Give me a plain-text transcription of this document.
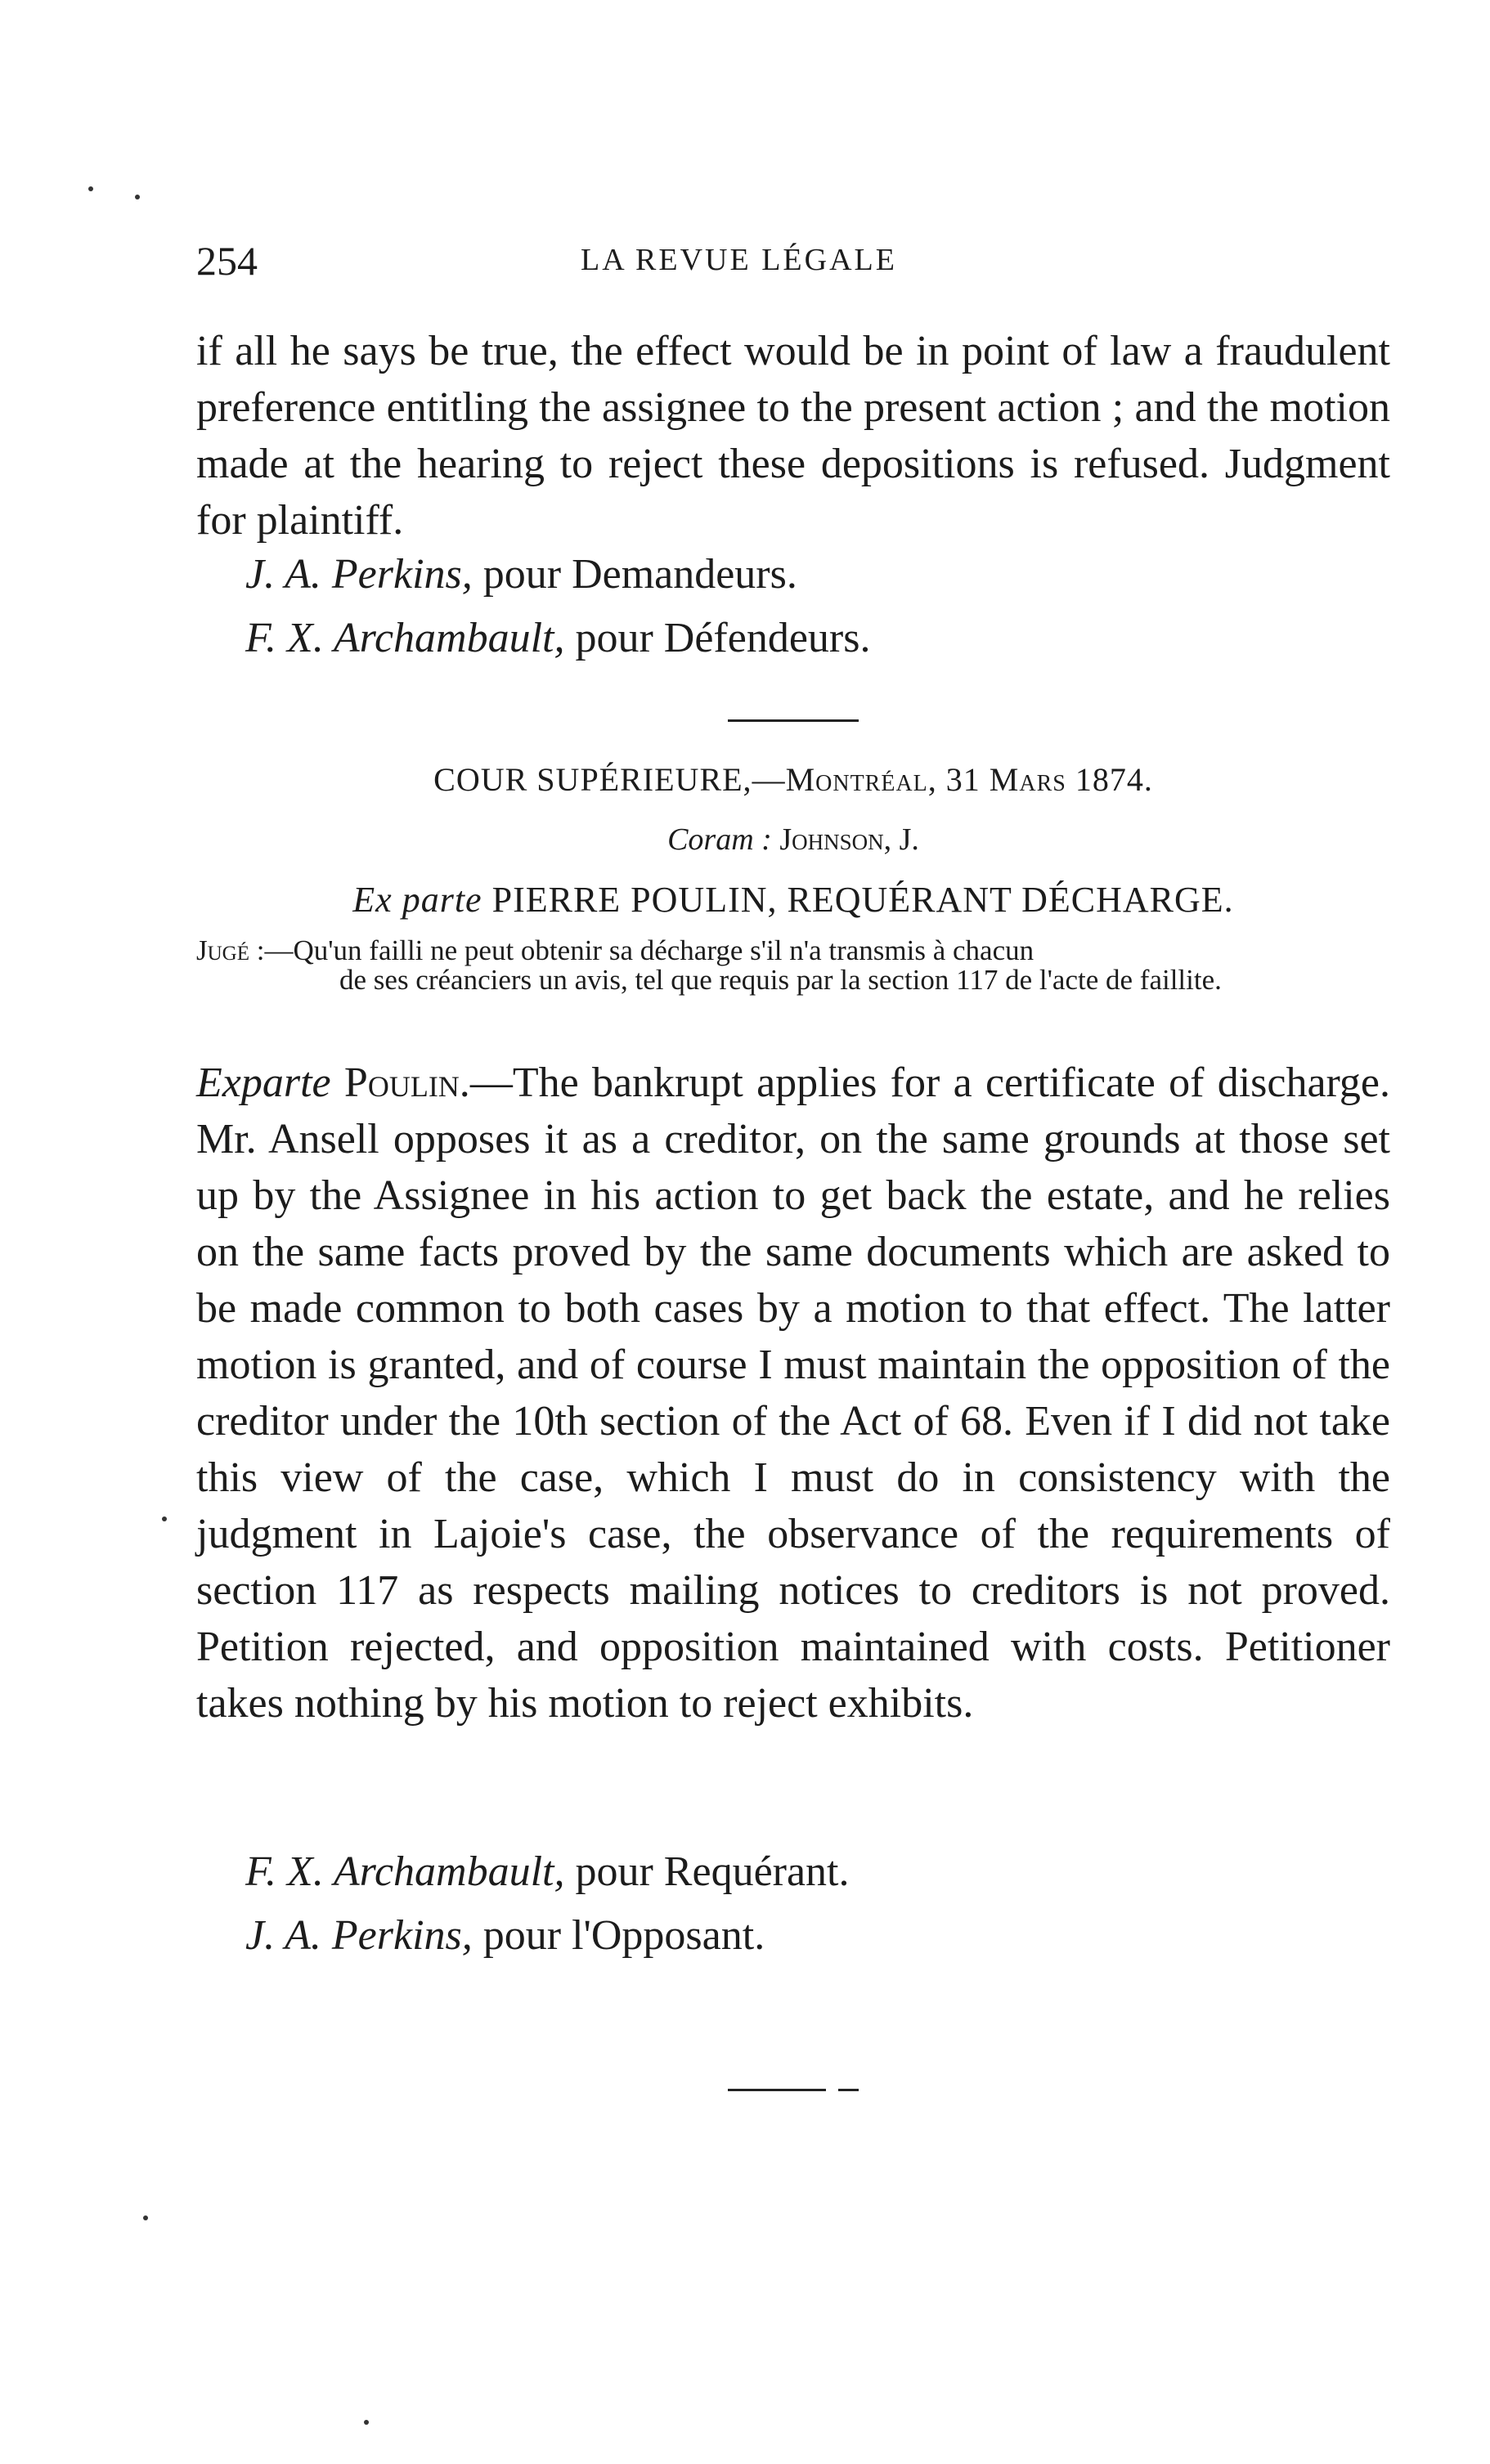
254	LA REVUE LÉGALE

if all he says be true, the effect would be in point of law a fraudulent preference entitling the assignee to the present action ; and the motion made at the hearing to reject these depositions is refused. Judgment for plaintiff.

J. A. Perkins, pour Demandeurs.
F. X. Archambault, pour Défendeurs.
COUR SUPÉRIEURE,—Montréal, 31 Mars 1874.
Coram : Johnson, J.
Ex parte PIERRE POULIN, REQUÉRANT DÉCHARGE.
Jugé :—Qu'un failli ne peut obtenir sa décharge s'il n'a transmis à chacun
de ses créanciers un avis, tel que requis par la section 117 de l'acte de faillite.

Exparte Poulin.—The bankrupt applies for a certificate of discharge. Mr. Ansell opposes it as a creditor, on the same grounds at those set up by the Assignee in his action to get back the estate, and he relies on the same facts proved by the same documents which are asked to be made common to both cases by a motion to that effect. The latter motion is granted, and of course I must maintain the opposition of the creditor under the 10th section of the Act of 68. Even if I did not take this view of the case, which I must do in consistency with the judgment in Lajoie's case, the observance of the requirements of section 117 as respects mailing notices to creditors is not proved. Petition rejected, and opposition maintained with costs. Petitioner takes nothing by his motion to reject exhibits.

F. X. Archambault, pour Requérant.
J. A. Perkins, pour l'Opposant.
